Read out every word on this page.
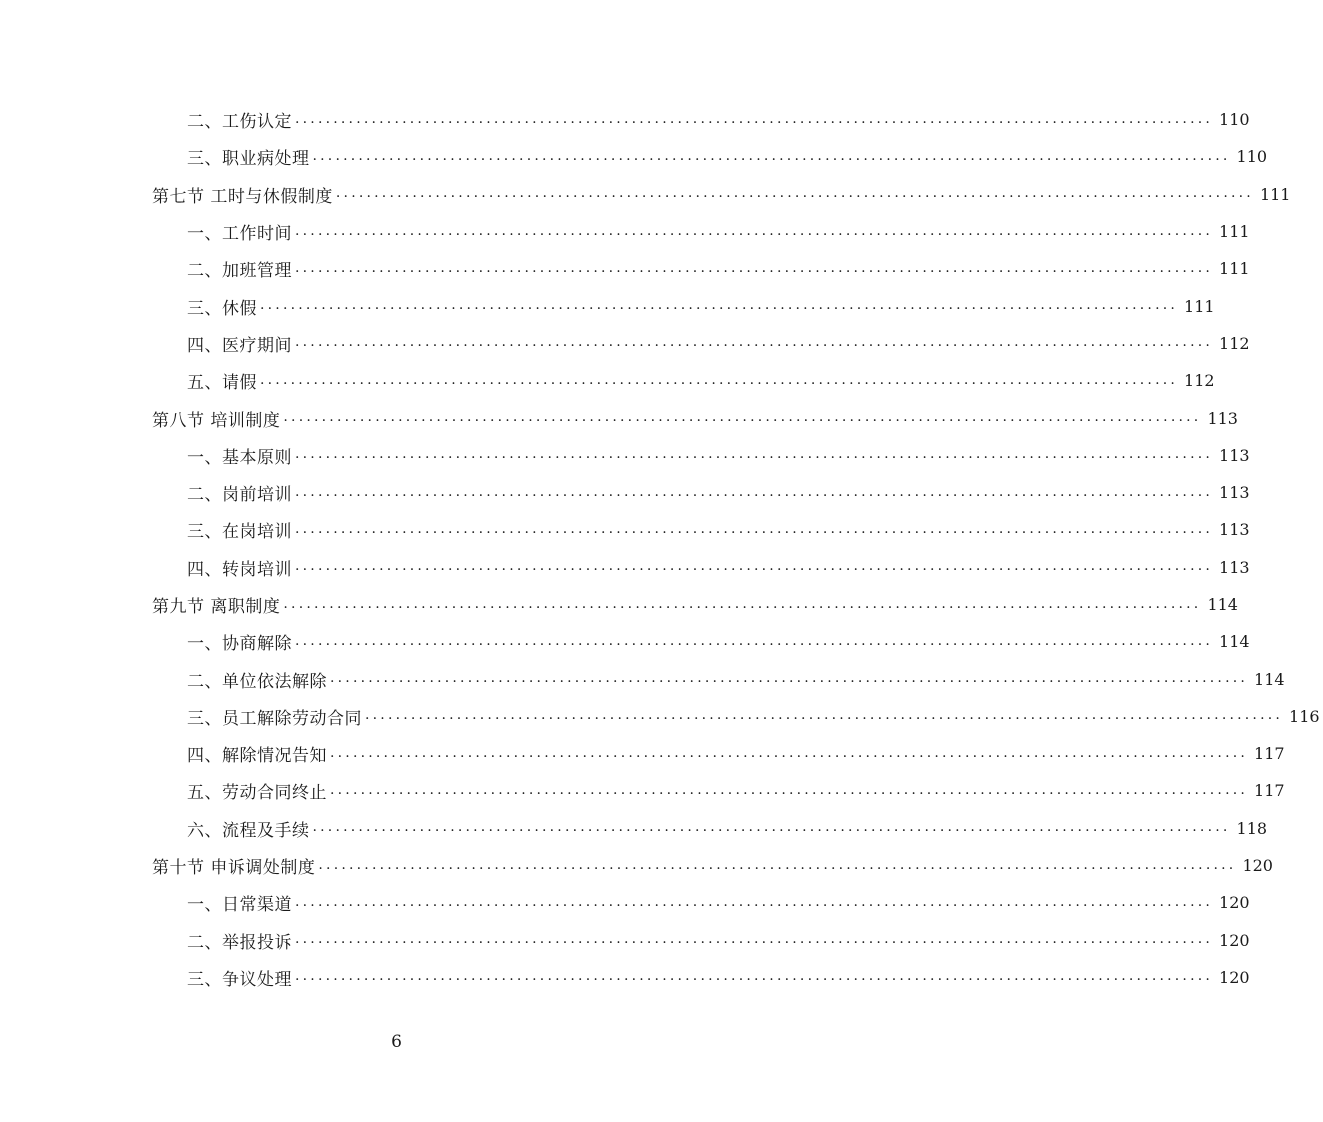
二、工伤认定 ........................................................................................................................ 110
三、职业病处理 ........................................................................................................................ 110
第七节 工时与休假制度 ........................................................................................................................ 111
一、工作时间 ........................................................................................................................ 111
二、加班管理 ........................................................................................................................ 111
三、休假 ........................................................................................................................ 111
四、医疗期间 ........................................................................................................................ 112
五、请假 ........................................................................................................................ 112
第八节 培训制度 ........................................................................................................................ 113
一、基本原则 ........................................................................................................................ 113
二、岗前培训 ........................................................................................................................ 113
三、在岗培训 ........................................................................................................................ 113
四、转岗培训 ........................................................................................................................ 113
第九节 离职制度 ........................................................................................................................ 114
一、协商解除 ........................................................................................................................ 114
二、单位依法解除 ........................................................................................................................ 114
三、员工解除劳动合同 ........................................................................................................................ 116
四、解除情况告知 ........................................................................................................................ 117
五、劳动合同终止 ........................................................................................................................ 117
六、流程及手续 ........................................................................................................................ 118
第十节 申诉调处制度 ........................................................................................................................ 120
一、日常渠道 ........................................................................................................................ 120
二、举报投诉 ........................................................................................................................ 120
三、争议处理 ........................................................................................................................ 120
6
